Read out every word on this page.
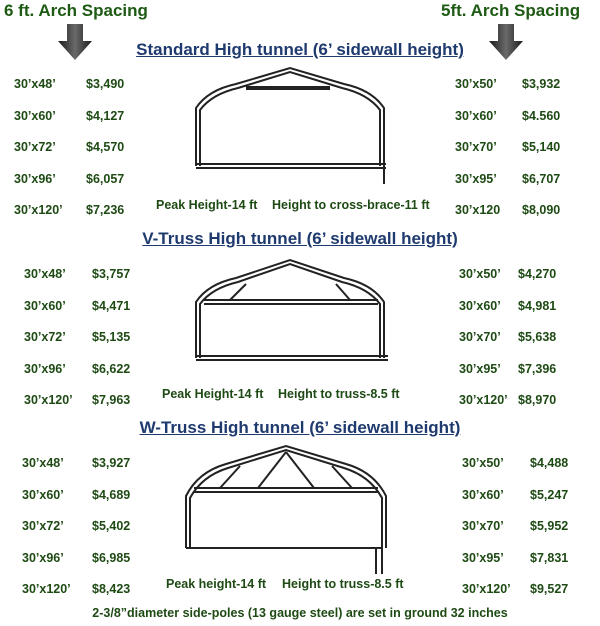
6 ft. Arch Spacing	5ft. Arch Spacing
Standard High tunnel (6’ sidewall height)
30’x48’ $3,490
30’x60’ $4,127
30’x72’ $4,570
30’x96’ $6,057
30’x120’ $7,236
30’x50’ $3,932
30’x60’ $4.560
30’x70’ $5,140
30’x95’ $6,707
30’x120 $8,090
Peak Height-14 ft Height to cross-brace-11 ft
V-Truss High tunnel (6’ sidewall height)
30’x48’ $3,757
30’x60’ $4,471
30’x72’ $5,135
30’x96’ $6,622
30’x120’ $7,963
30’x50’ $4,270
30’x60’ $4,981
30’x70’ $5,638
30’x95’ $7,396
30’x120’ $8,970
Peak Height-14 ft Height to truss-8.5 ft
W-Truss High tunnel (6’ sidewall height)
30’x48’ $3,927
30’x60’ $4,689
30’x72’ $5,402
30’x96’ $6,985
30’x120’ $8,423
30’x50’ $4,488
30’x60’ $5,247
30’x70’ $5,952
30’x95’ $7,831
30’x120’ $9,527
Peak height-14 ft Height to truss-8.5 ft
2-3/8”diameter side-poles (13 gauge steel) are set in ground 32 inches
